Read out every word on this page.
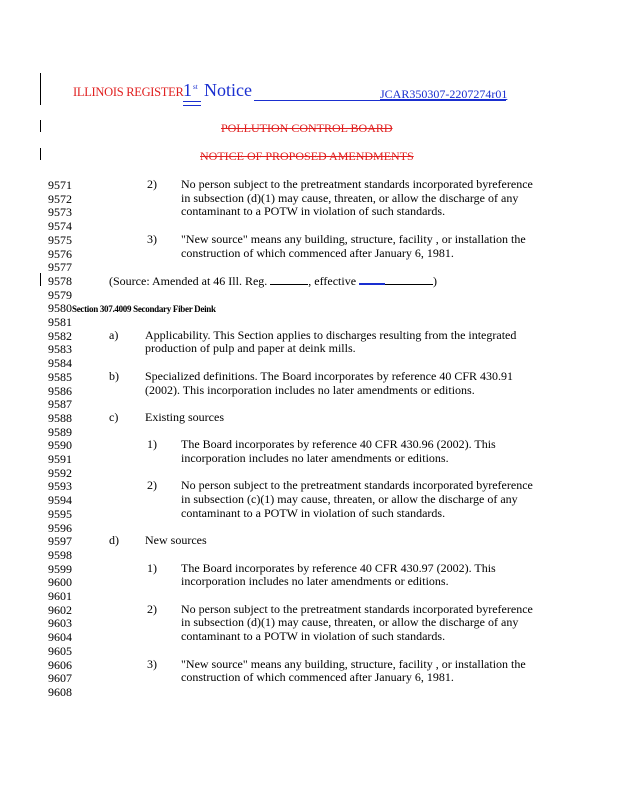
ILLINOIS REGISTER 1 st Notice	JCAR350307-2207274r01
POLLUTION CONTROL BOARD
NOTICE OF PROPOSED AMENDMENTS
9571
9572
9573
9574
9575
9576
9577
9578
9579
9580
9581
9582
9583
9584
9585
9586
9587
9588
9589
9590
9591
9592
9593
9594
9595
9596
9597
9598
9599
9600
9601
9602
9603
9604
9605
9606
9607
9608
2) No person subject to the pretreatment standards incorporated byreference
in subsection (d)(1) may cause, threaten, or allow the discharge of any
contaminant to a POTW in violation of such standards.
3) "New source" means any building, structure, facility , or installation the
construction of which commenced after January 6, 1981.
a) Applicability. This Section applies to discharges resulting from the integrated
production of pulp and paper at deink mills.
b) Specialized definitions. The Board incorporates by reference 40 CFR 430.91
(2002). This incorporation includes no later amendments or editions.
c) Existing sources
1) The Board incorporates by reference 40 CFR 430.96 (2002). This
incorporation includes no later amendments or editions.
2) No person subject to the pretreatment standards incorporated byreference
in subsection (c)(1) may cause, threaten, or allow the discharge of any
contaminant to a POTW in violation of such standards.
d) New sources
1) The Board incorporates by reference 40 CFR 430.97 (2002). This
incorporation includes no later amendments or editions.
2) No person subject to the pretreatment standards incorporated byreference
in subsection (d)(1) may cause, threaten, or allow the discharge of any
contaminant to a POTW in violation of such standards.
3) "New source" means any building, structure, facility , or installation the
construction of which commenced after January 6, 1981.
(Source: Amended at 46 Ill. Reg.	, effective	)
Section 307.4009 Secondary Fiber Deink
